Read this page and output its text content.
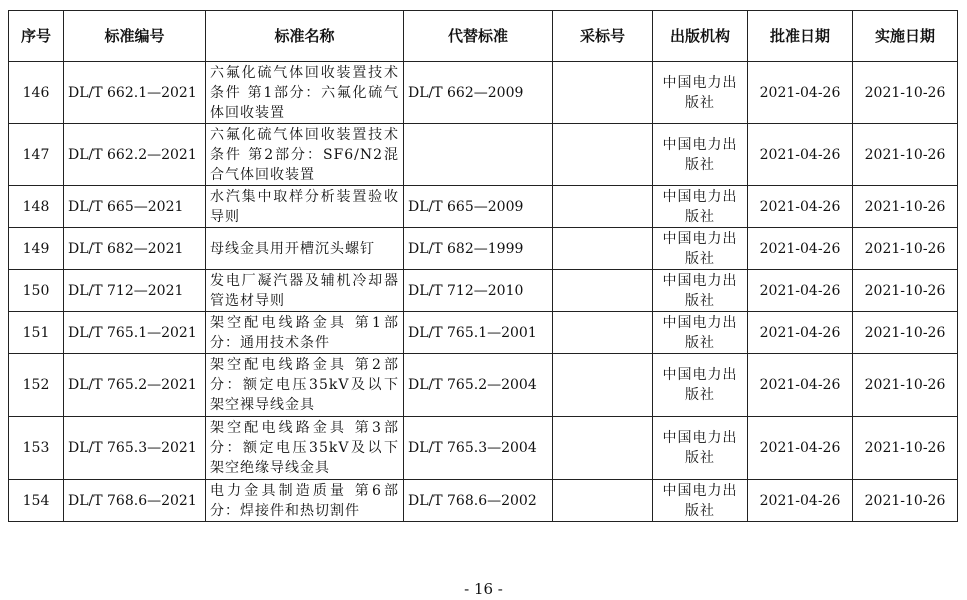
序号	标准编号	标准名称	代替标准	采标号	出版机构	批准日期	实施日期
146	DL/T 662.1—2021	六氟化硫气体回收装置技术条件 第1部分：六氟化硫气体回收装置	DL/T 662—2009		中国电力出版社	2021-04-26	2021-10-26
147	DL/T 662.2—2021	六氟化硫气体回收装置技术条件 第2部分：SF6/N2混合气体回收装置			中国电力出版社	2021-04-26	2021-10-26
148	DL/T 665—2021	水汽集中取样分析装置验收导则	DL/T 665—2009		中国电力出版社	2021-04-26	2021-10-26
149	DL/T 682—2021	母线金具用开槽沉头螺钉	DL/T 682—1999		中国电力出版社	2021-04-26	2021-10-26
150	DL/T 712—2021	发电厂凝汽器及辅机冷却器管选材导则	DL/T 712—2010		中国电力出版社	2021-04-26	2021-10-26
151	DL/T 765.1—2021	架空配电线路金具 第1部分：通用技术条件	DL/T 765.1—2001		中国电力出版社	2021-04-26	2021-10-26
152	DL/T 765.2—2021	架空配电线路金具 第2部分：额定电压35kV及以下架空裸导线金具	DL/T 765.2—2004		中国电力出版社	2021-04-26	2021-10-26
153	DL/T 765.3—2021	架空配电线路金具 第3部分：额定电压35kV及以下架空绝缘导线金具	DL/T 765.3—2004		中国电力出版社	2021-04-26	2021-10-26
154	DL/T 768.6—2021	电力金具制造质量 第6部分：焊接件和热切割件	DL/T 768.6—2002		中国电力出版社	2021-04-26	2021-10-26
- 16 -
